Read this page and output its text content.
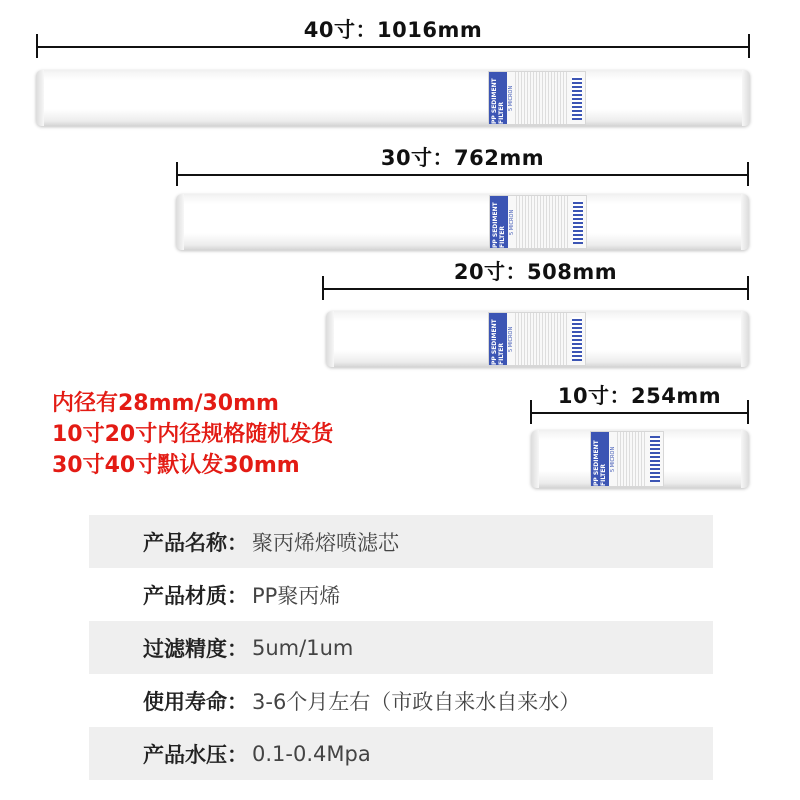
40寸：1016mm
PP SEDIMENT FILTER
5 MICRON
30寸：762mm
PP SEDIMENT FILTER
5 MICRON
20寸：508mm
PP SEDIMENT FILTER
5 MICRON
10寸：254mm
PP SEDIMENT FILTER
5 MICRON
内径有28mm/30mm
10寸20寸内径规格随机发货
30寸40寸默认发30mm
产品名称： 聚丙烯熔喷滤芯
产品材质： PP聚丙烯
过滤精度： 5um/1um
使用寿命： 3-6个月左右（市政自来水自来水）
产品水压： 0.1-0.4Mpa
